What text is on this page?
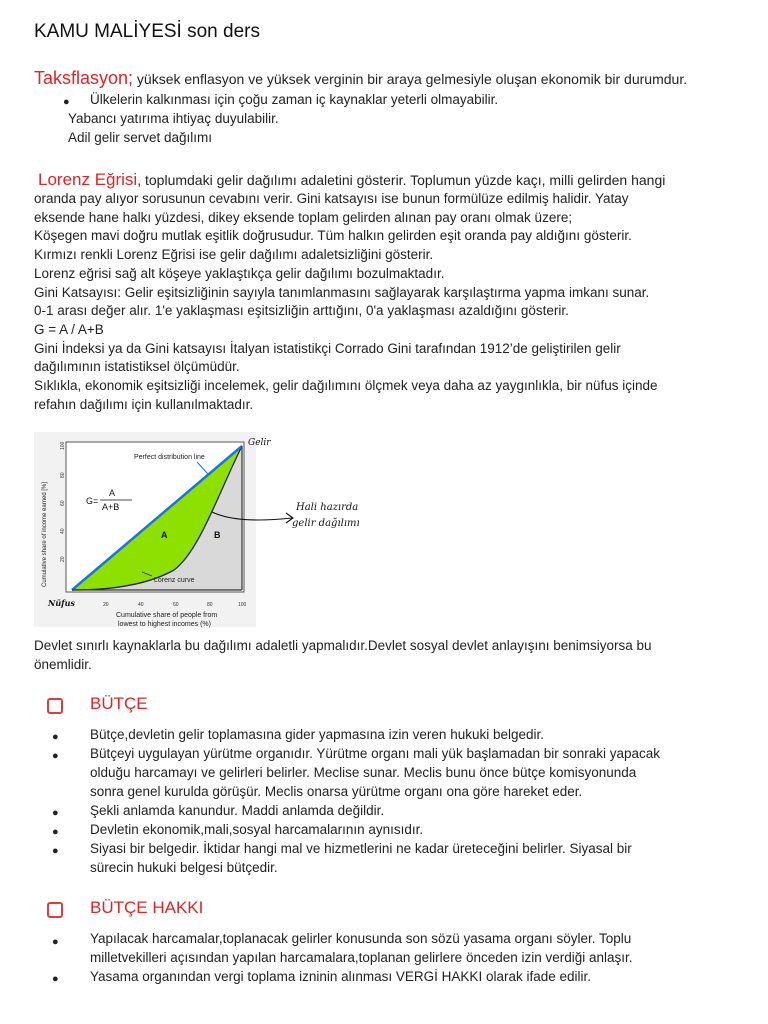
KAMU MALİYESİ son ders
Taksflasyon; yüksek enflasyon ve yüksek verginin bir araya gelmesiyle oluşan ekonomik bir durumdur.
● Ülkelerin kalkınması için çoğu zaman iç kaynaklar yeterli olmayabilir.
Yabancı yatırıma ihtiyaç duyulabilir.
Adil gelir servet dağılımı
Lorenz Eğrisi, toplumdaki gelir dağılımı adaletini gösterir. Toplumun yüzde kaçı, milli gelirden hangi
oranda pay alıyor sorusunun cevabını verir. Gini katsayısı ise bunun formülüze edilmiş halidir. Yatay
eksende hane halkı yüzdesi, dikey eksende toplam gelirden alınan pay oranı olmak üzere;
Köşegen mavi doğru mutlak eşitlik doğrusudur. Tüm halkın gelirden eşit oranda pay aldığını gösterir.
Kırmızı renkli Lorenz Eğrisi ise gelir dağılımı adaletsizliğini gösterir.
Lorenz eğrisi sağ alt köşeye yaklaştıkça gelir dağılımı bozulmaktadır.
Gini Katsayısı: Gelir eşitsizliğinin sayıyla tanımlanmasını sağlayarak karşılaştırma yapma imkanı sunar.
0-1 arası değer alır. 1'e yaklaşması eşitsizliğin arttığını, 0'a yaklaşması azaldığını gösterir.
G = A / A+B
Gini İndeksi ya da Gini katsayısı İtalyan istatistikçi Corrado Gini tarafından 1912’de geliştirilen gelir
dağılımının istatistiksel ölçümüdür.
Sıklıkla, ekonomik eşitsizliği incelemek, gelir dağılımını ölçmek veya daha az yaygınlıkla, bir nüfus içinde
refahın dağılımı için kullanılmaktadır.
Perfect distribution line
Lorenz curve
G=
A
A+B
A	B
20
40
60
80
100
Cumulative share of income earned [%]
20	40	60	80	100
Cumulative share of people from
lowest to highest incomes (%)
Gelir
Nüfus
Hali hazırda
gelir dağılımı
Devlet sınırlı kaynaklarla bu dağılımı adaletli yapmalıdır.Devlet sosyal devlet anlayışını benimsiyorsa bu
önemlidir.
BÜTÇE
● Bütçe,devletin gelir toplamasına gider yapmasına izin veren hukuki belgedir.
● Bütçeyi uygulayan yürütme organıdır. Yürütme organı mali yük başlamadan bir sonraki yapacak
olduğu harcamayı ve gelirleri belirler. Meclise sunar. Meclis bunu önce bütçe komisyonunda
sonra genel kurulda görüşür. Meclis onarsa yürütme organı ona göre hareket eder.
● Şekli anlamda kanundur. Maddi anlamda değildir.
● Devletin ekonomik,mali,sosyal harcamalarının aynısıdır.
● Siyasi bir belgedir. İktidar hangi mal ve hizmetlerini ne kadar üreteceğini belirler. Siyasal bir
sürecin hukuki belgesi bütçedir.
BÜTÇE HAKKI
● Yapılacak harcamalar,toplanacak gelirler konusunda son sözü yasama organı söyler. Toplu
milletvekilleri açısından yapılan harcamalara,toplanan gelirlere önceden izin verdiği anlaşır.
● Yasama organından vergi toplama izninin alınması VERGİ HAKKI olarak ifade edilir.
